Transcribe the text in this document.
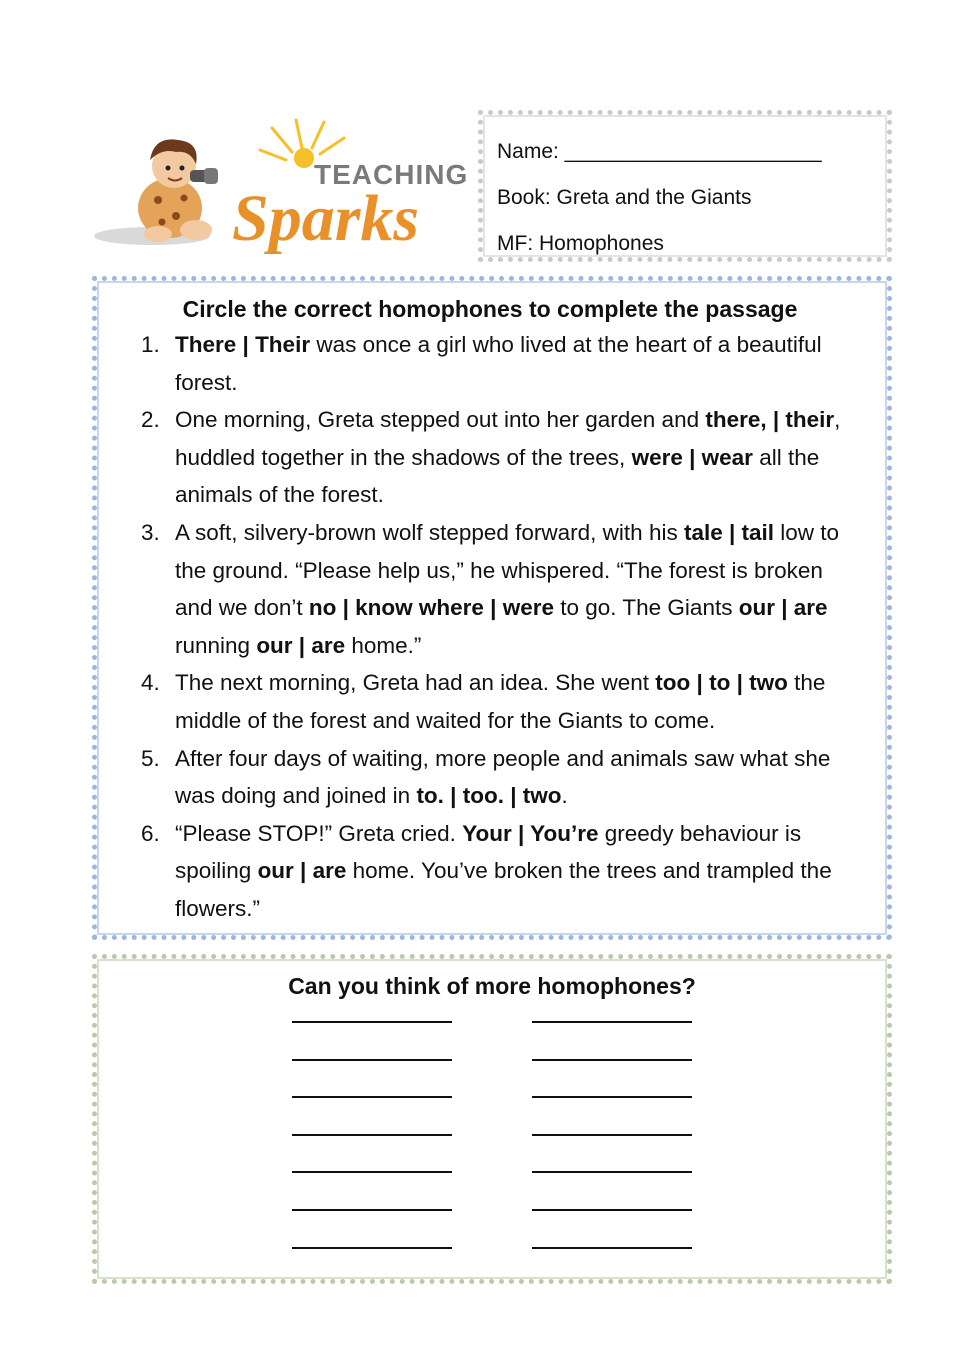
TEACHING
Sparks
Name: ______________________
Book: Greta and the Giants
MF: Homophones
Circle the correct homophones to complete the passage
1. There | Their was once a girl who lived at the heart of a beautiful forest.
2. One morning, Greta stepped out into her garden and there, | their, huddled together in the shadows of the trees, were | wear all the animals of the forest.
3. A soft, silvery-brown wolf stepped forward, with his tale | tail low to the ground. “Please help us,” he whispered. “The forest is broken and we don’t no | know where | were to go. The Giants our | are running our | are home.”
4. The next morning, Greta had an idea. She went too | to | two the middle of the forest and waited for the Giants to come.
5. After four days of waiting, more people and animals saw what she was doing and joined in to. | too. | two.
6. “Please STOP!” Greta cried. Your | You’re greedy behaviour is spoiling our | are home. You’ve broken the trees and trampled the flowers.”
Can you think of more homophones?
